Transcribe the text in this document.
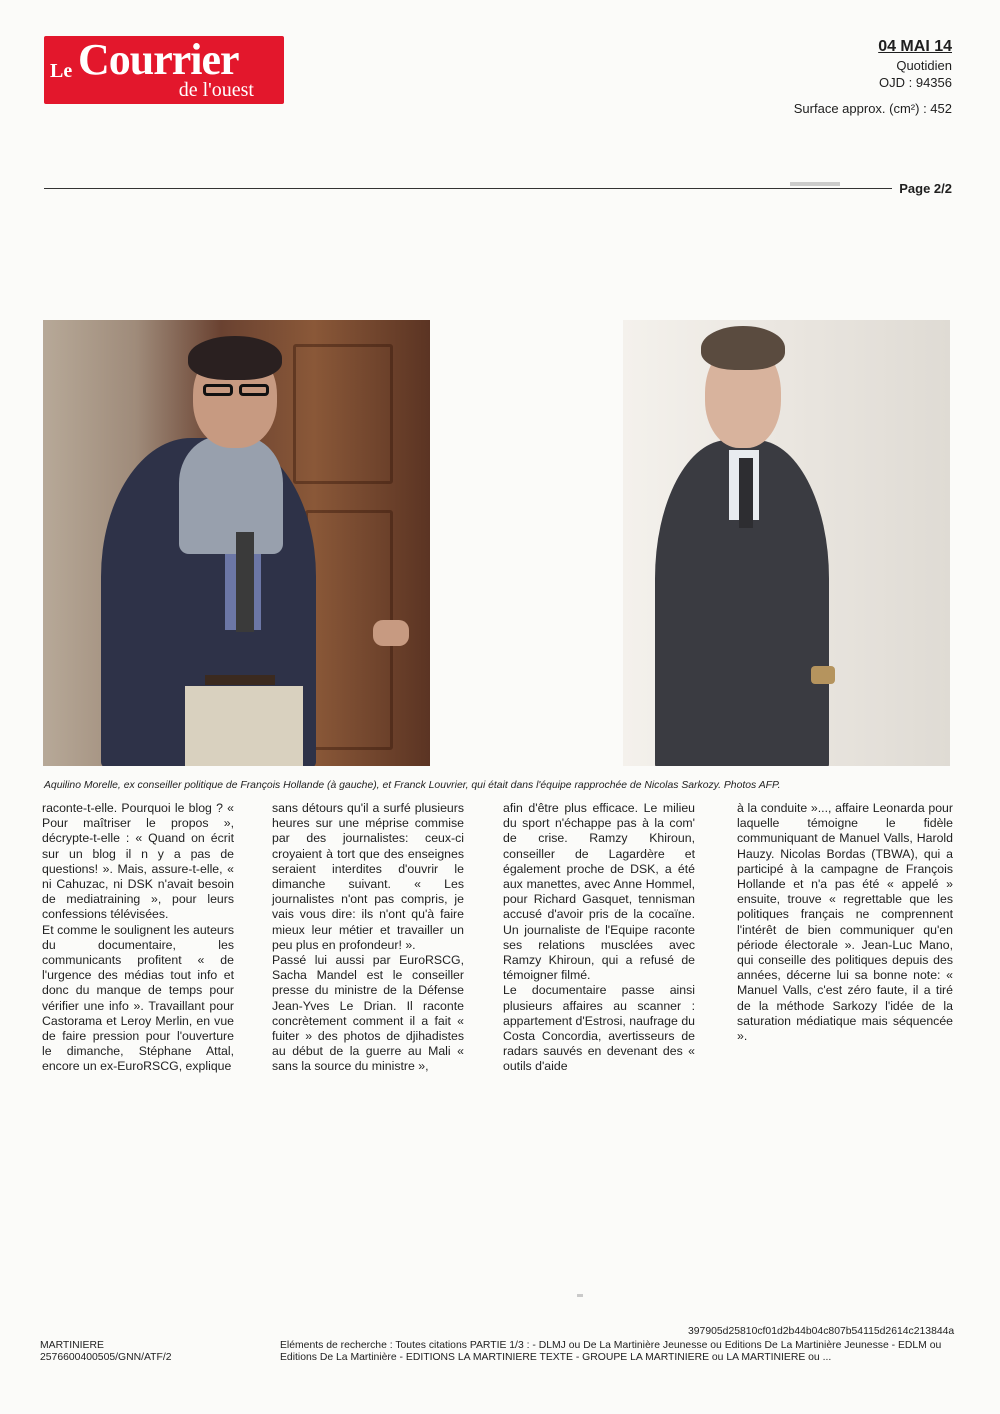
Le Courrier
de l'ouest
04 MAI 14
Quotidien
OJD : 94356
Surface approx. (cm²) : 452
Page 2/2
Aquilino Morelle, ex conseiller politique de François Hollande (à gauche), et Franck Louvrier, qui était dans l'équipe rapprochée de Nicolas Sarkozy. Photos AFP.

raconte-t-elle. Pourquoi le blog ? « Pour maîtriser le propos », décrypte-t-elle : « Quand on écrit sur un blog il n y a pas de questions! ». Mais, assure-t-elle, « ni Cahuzac, ni DSK n'avait besoin de mediatraining », pour leurs confessions télévisées.

Et comme le soulignent les auteurs du documentaire, les communicants profitent « de l'urgence des médias tout info et donc du manque de temps pour vérifier une info ». Travaillant pour Castorama et Leroy Merlin, en vue de faire pression pour l'ouverture le dimanche, Stéphane Attal, encore un ex-EuroRSCG, explique

sans détours qu'il a surfé plusieurs heures sur une méprise commise par des journalistes: ceux-ci croyaient à tort que des enseignes seraient interdites d'ouvrir le dimanche suivant. « Les journalistes n'ont pas compris, je vais vous dire: ils n'ont qu'à faire mieux leur métier et travailler un peu plus en profondeur! ».

Passé lui aussi par EuroRSCG, Sacha Mandel est le conseiller presse du ministre de la Défense Jean-Yves Le Drian. Il raconte concrètement comment il a fait « fuiter » des photos de djihadistes au début de la guerre au Mali « sans la source du ministre »,

afin d'être plus efficace. Le milieu du sport n'échappe pas à la com' de crise. Ramzy Khiroun, conseiller de Lagardère et également proche de DSK, a été aux manettes, avec Anne Hommel, pour Richard Gasquet, tennisman accusé d'avoir pris de la cocaïne. Un journaliste de l'Equipe raconte ses relations musclées avec Ramzy Khiroun, qui a refusé de témoigner filmé.

Le documentaire passe ainsi plusieurs affaires au scanner : appartement d'Estrosi, naufrage du Costa Concordia, avertisseurs de radars sauvés en devenant des « outils d'aide

à la conduite »..., affaire Leonarda pour laquelle témoigne le fidèle communiquant de Manuel Valls, Harold Hauzy. Nicolas Bordas (TBWA), qui a participé à la campagne de François Hollande et n'a pas été « appelé » ensuite, trouve « regrettable que les politiques français ne comprennent l'intérêt de bien communiquer qu'en période électorale ». Jean-Luc Mano, qui conseille des politiques depuis des années, décerne lui sa bonne note: « Manuel Valls, c'est zéro faute, il a tiré de la méthode Sarkozy l'idée de la saturation médiatique mais séquencée ».

397905d25810cf01d2b44b04c807b54115d2614c213844a
MARTINIERE
2576600400505/GNN/ATF/2
Eléments de recherche : Toutes citations PARTIE 1/3 : - DLMJ ou De La Martinière Jeunesse ou Editions De La Martinière Jeunesse - EDLM ou Editions De La Martinière - EDITIONS LA MARTINIERE TEXTE - GROUPE LA MARTINIERE ou LA MARTINIERE ou ...
